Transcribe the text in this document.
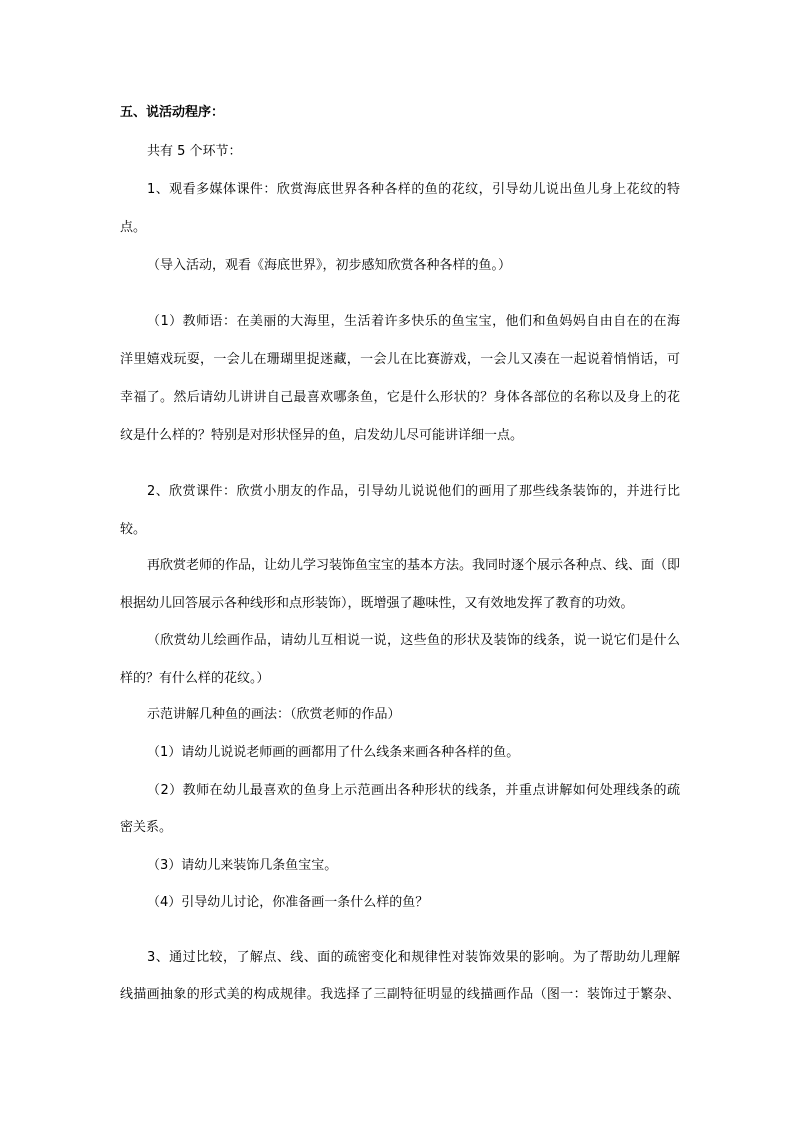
五、说活动程序：
共有 5 个环节：
1、观看多媒体课件：欣赏海底世界各种各样的鱼的花纹，引导幼儿说出鱼儿身上花纹的特
点。
（导入活动，观看《海底世界》，初步感知欣赏各种各样的鱼。）
（1）教师语：在美丽的大海里，生活着许多快乐的鱼宝宝，他们和鱼妈妈自由自在的在海
洋里嬉戏玩耍，一会儿在珊瑚里捉迷藏，一会儿在比赛游戏，一会儿又凑在一起说着悄悄话，可
幸福了。然后请幼儿讲讲自己最喜欢哪条鱼，它是什么形状的？身体各部位的名称以及身上的花
纹是什么样的？特别是对形状怪异的鱼，启发幼儿尽可能讲详细一点。
2、欣赏课件：欣赏小朋友的作品，引导幼儿说说他们的画用了那些线条装饰的，并进行比
较。
再欣赏老师的作品，让幼儿学习装饰鱼宝宝的基本方法。我同时逐个展示各种点、线、面（即
根据幼儿回答展示各种线形和点形装饰），既增强了趣味性，又有效地发挥了教育的功效。
（欣赏幼儿绘画作品，请幼儿互相说一说，这些鱼的形状及装饰的线条，说一说它们是什么
样的？有什么样的花纹。）
示范讲解几种鱼的画法：（欣赏老师的作品）
（1）请幼儿说说老师画的画都用了什么线条来画各种各样的鱼。
（2）教师在幼儿最喜欢的鱼身上示范画出各种形状的线条，并重点讲解如何处理线条的疏
密关系。
（3）请幼儿来装饰几条鱼宝宝。
（4）引导幼儿讨论，你准备画一条什么样的鱼？
3、通过比较，了解点、线、面的疏密变化和规律性对装饰效果的影响。为了帮助幼儿理解
线描画抽象的形式美的构成规律。我选择了三副特征明显的线描画作品（图一：装饰过于繁杂、
